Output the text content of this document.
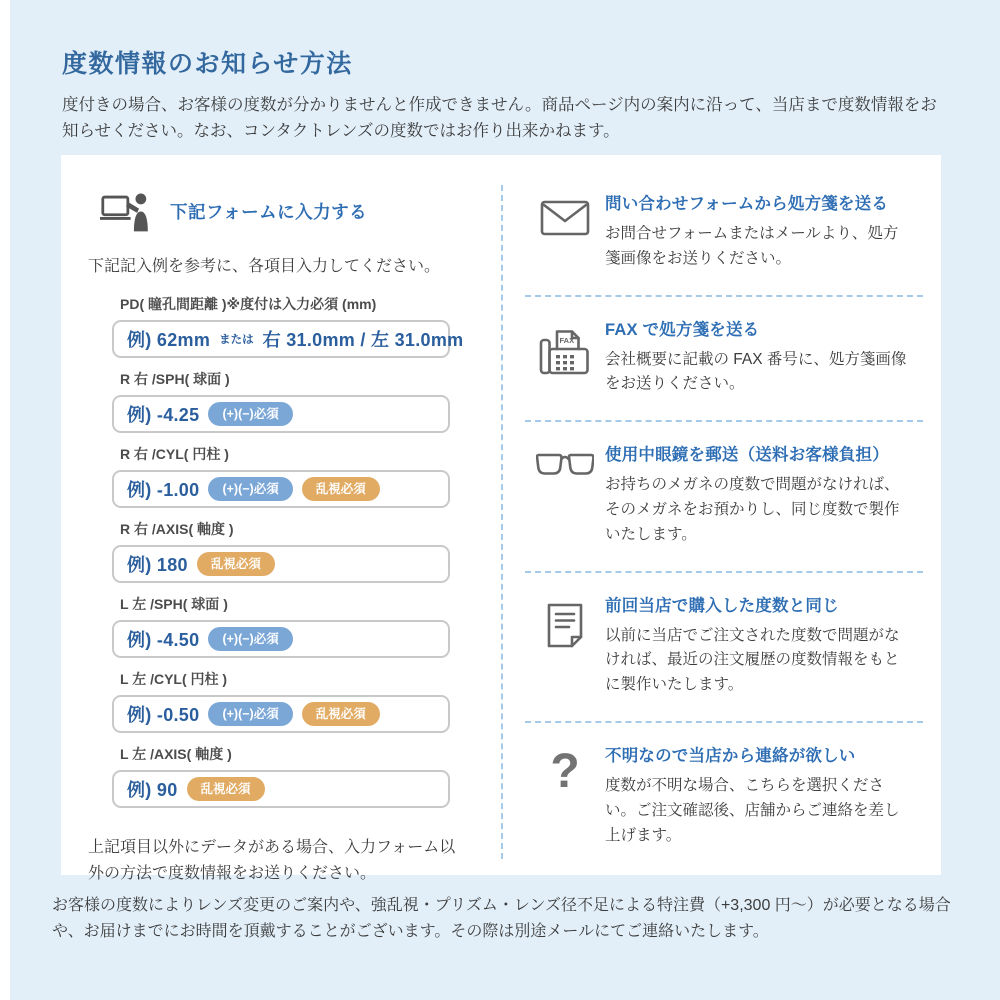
度数情報のお知らせ方法

度付きの場合、お客様の度数が分かりませんと作成できません。商品ページ内の案内に沿って、当店まで度数情報をお知らせください。なお、コンタクトレンズの度数ではお作り出来かねます。

下記フォームに入力する

下記記入例を参考に、各項目入力してください。

PD( 瞳孔間距離 )※度付は入力必須 (mm)
例) 62mm または 右 31.0mm / 左 31.0mm
R 右 /SPH( 球面 )
例) -4.25	(+)(−)必須
R 右 /CYL( 円柱 )
例) -1.00	(+)(−)必須	乱視必須
R 右 /AXIS( 軸度 )
例) 180	乱視必須
L 左 /SPH( 球面 )
例) -4.50	(+)(−)必須
L 左 /CYL( 円柱 )
例) -0.50	(+)(−)必須	乱視必須
L 左 /AXIS( 軸度 )
例) 90	乱視必須

上記項目以外にデータがある場合、入力フォーム以外の方法で度数情報をお送りください。

問い合わせフォームから処方箋を送る
お問合せフォームまたはメールより、処方箋画像をお送りください。
FAX
FAX で処方箋を送る
会社概要に記載の FAX 番号に、処方箋画像をお送りください。
使用中眼鏡を郵送（送料お客様負担）
お持ちのメガネの度数で問題がなければ、そのメガネをお預かりし、同じ度数で製作いたします。
前回当店で購入した度数と同じ
以前に当店でご注文された度数で問題がなければ、最近の注文履歴の度数情報をもとに製作いたします。
? 不明なので当店から連絡が欲しい
度数が不明な場合、こちらを選択ください。ご注文確認後、店舗からご連絡を差し上げます。

お客様の度数によりレンズ変更のご案内や、強乱視・プリズム・レンズ径不足による特注費（+3,300 円〜）が必要となる場合や、お届けまでにお時間を頂戴することがございます。その際は別途メールにてご連絡いたします。
